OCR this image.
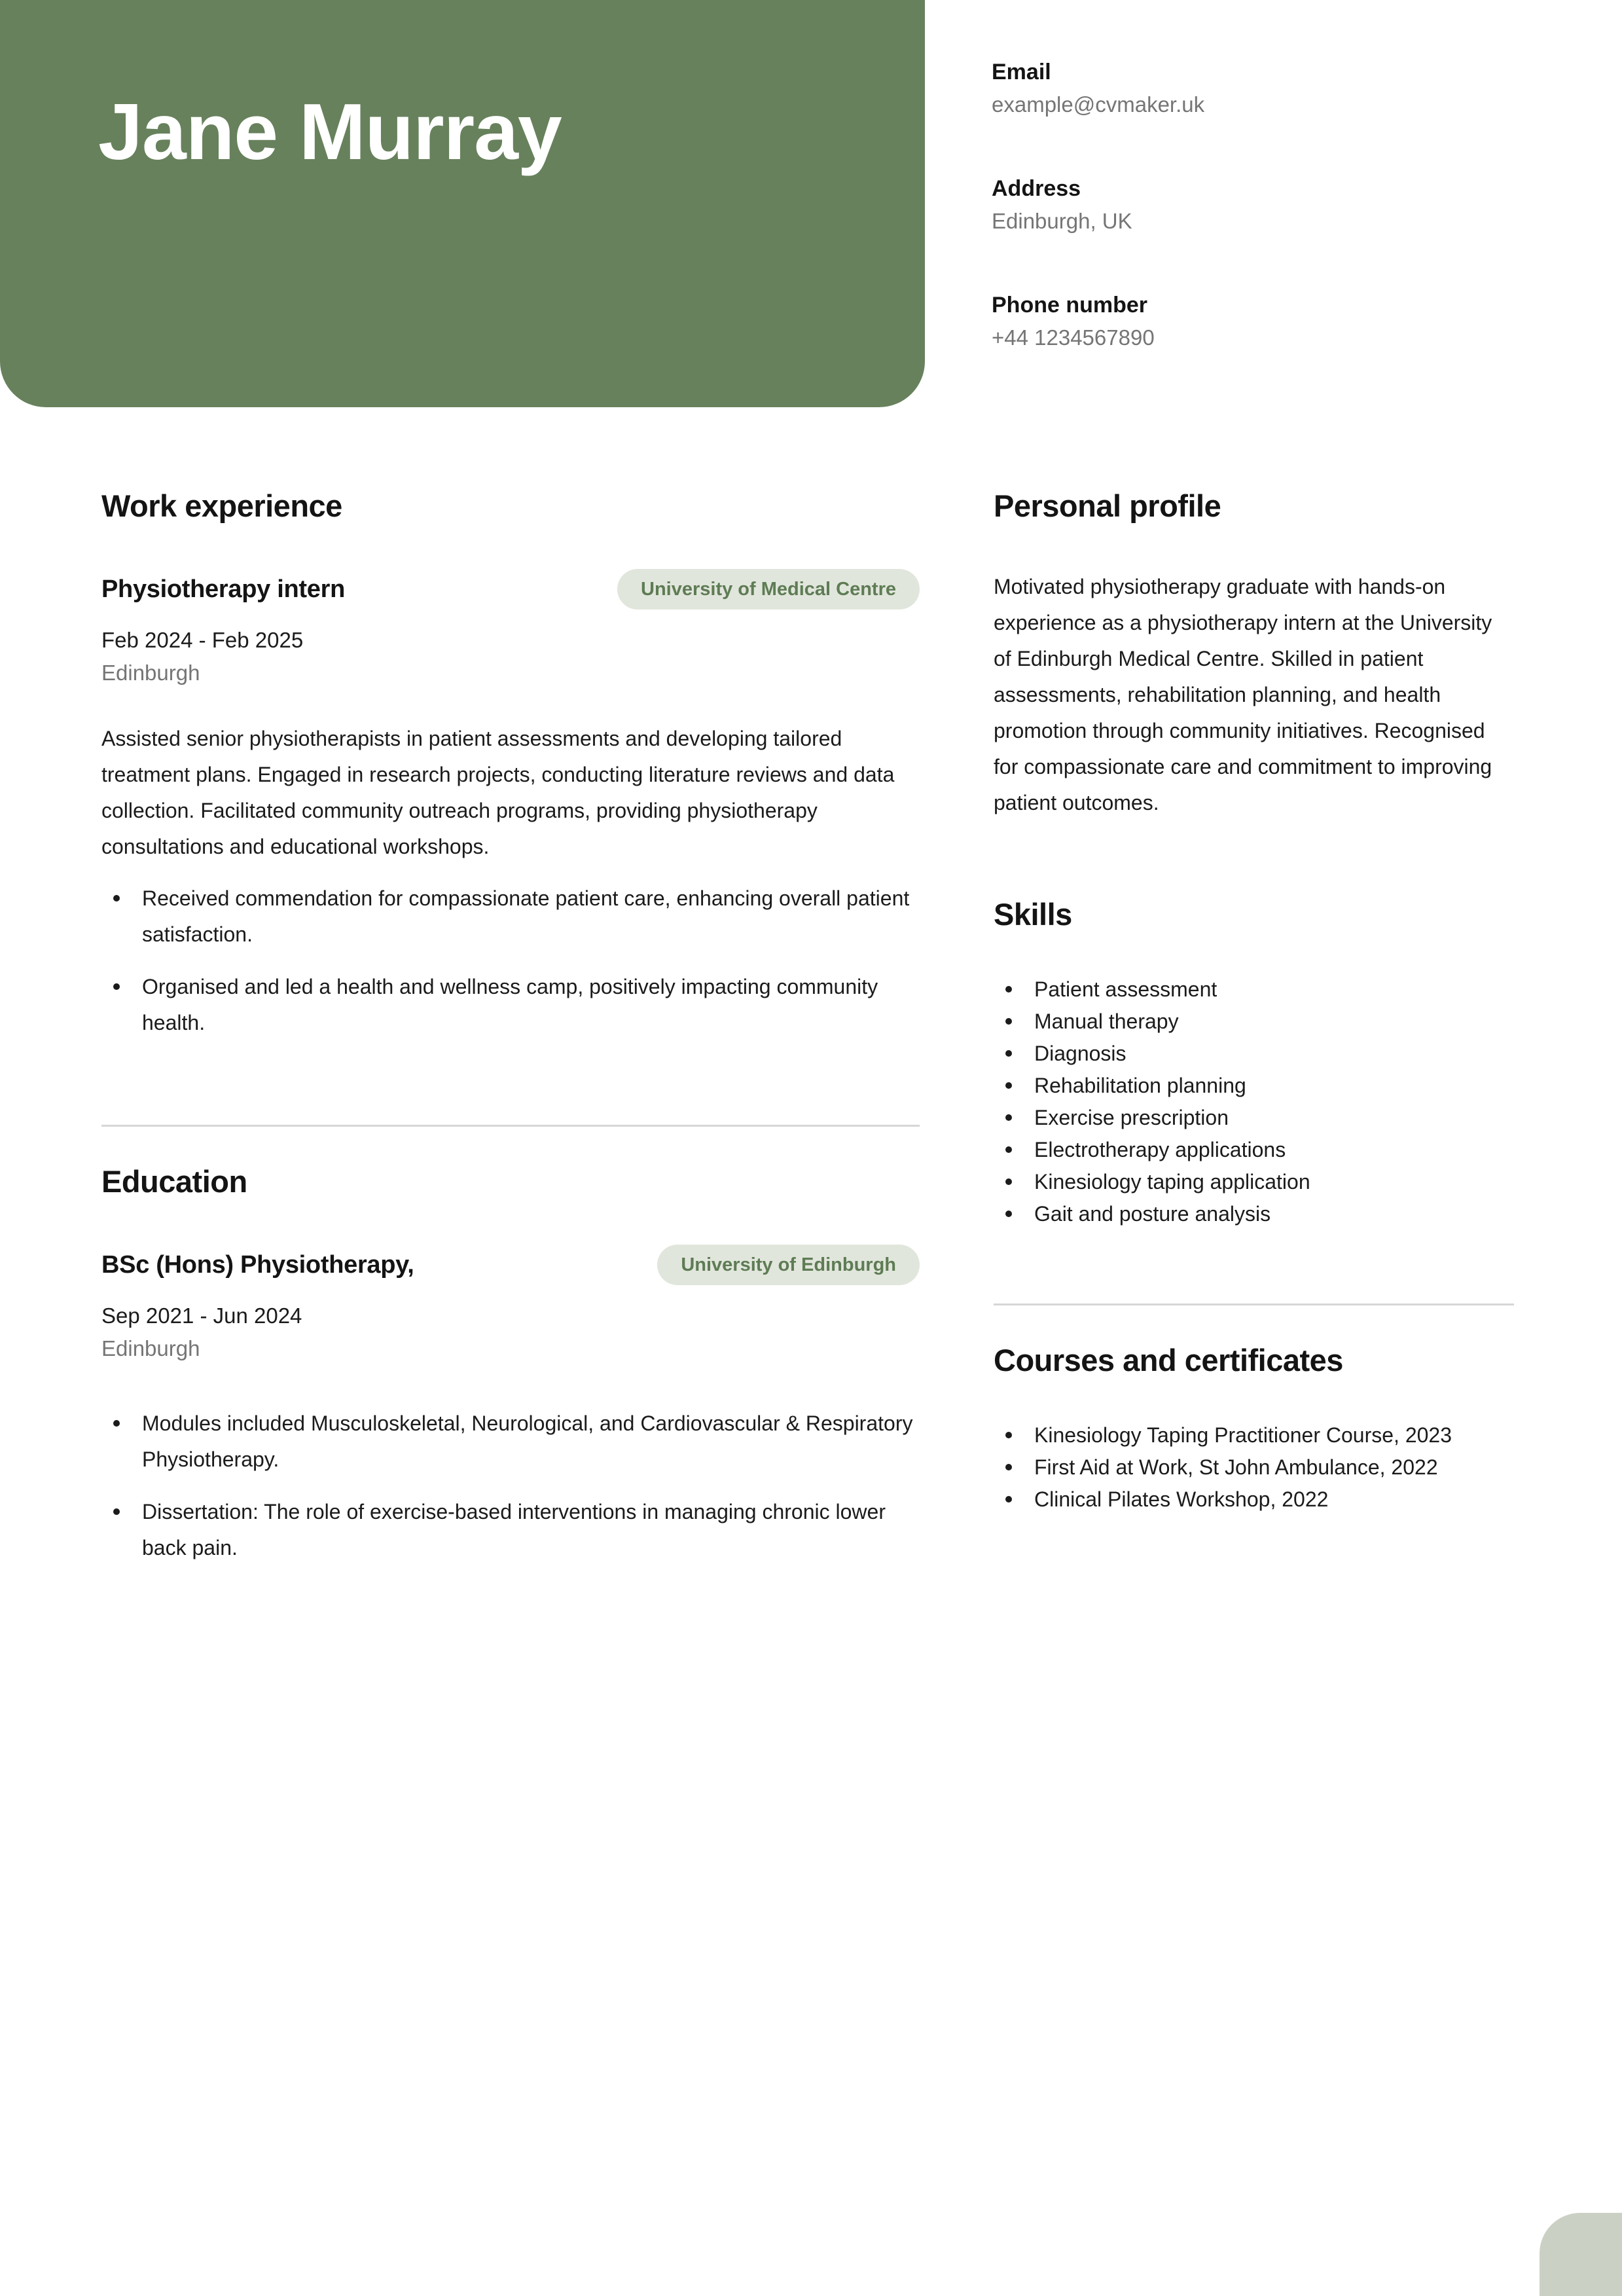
Jane Murray
Email
example@cvmaker.uk
Address
Edinburgh, UK
Phone number
+44 1234567890
Work experience
Physiotherapy intern	University of Medical Centre
Feb 2024 - Feb 2025
Edinburgh
Assisted senior physiotherapists in patient assessments and developing tailored treatment plans. Engaged in research projects, conducting literature reviews and data collection. Facilitated community outreach programs, providing physiotherapy consultations and educational workshops.
Received commendation for compassionate patient care, enhancing overall patient satisfaction.
Organised and led a health and wellness camp, positively impacting community health.
Education
BSc (Hons) Physiotherapy,	University of Edinburgh
Sep 2021 - Jun 2024
Edinburgh
Modules included Musculoskeletal, Neurological, and Cardiovascular & Respiratory Physiotherapy.
Dissertation: The role of exercise-based interventions in managing chronic lower back pain.
Personal profile
Motivated physiotherapy graduate with hands-on experience as a physiotherapy intern at the University of Edinburgh Medical Centre. Skilled in patient assessments, rehabilitation planning, and health promotion through community initiatives. Recognised for compassionate care and commitment to improving patient outcomes.
Skills
Patient assessment
Manual therapy
Diagnosis
Rehabilitation planning
Exercise prescription
Electrotherapy applications
Kinesiology taping application
Gait and posture analysis
Courses and certificates
Kinesiology Taping Practitioner Course, 2023
First Aid at Work, St John Ambulance, 2022
Clinical Pilates Workshop, 2022
